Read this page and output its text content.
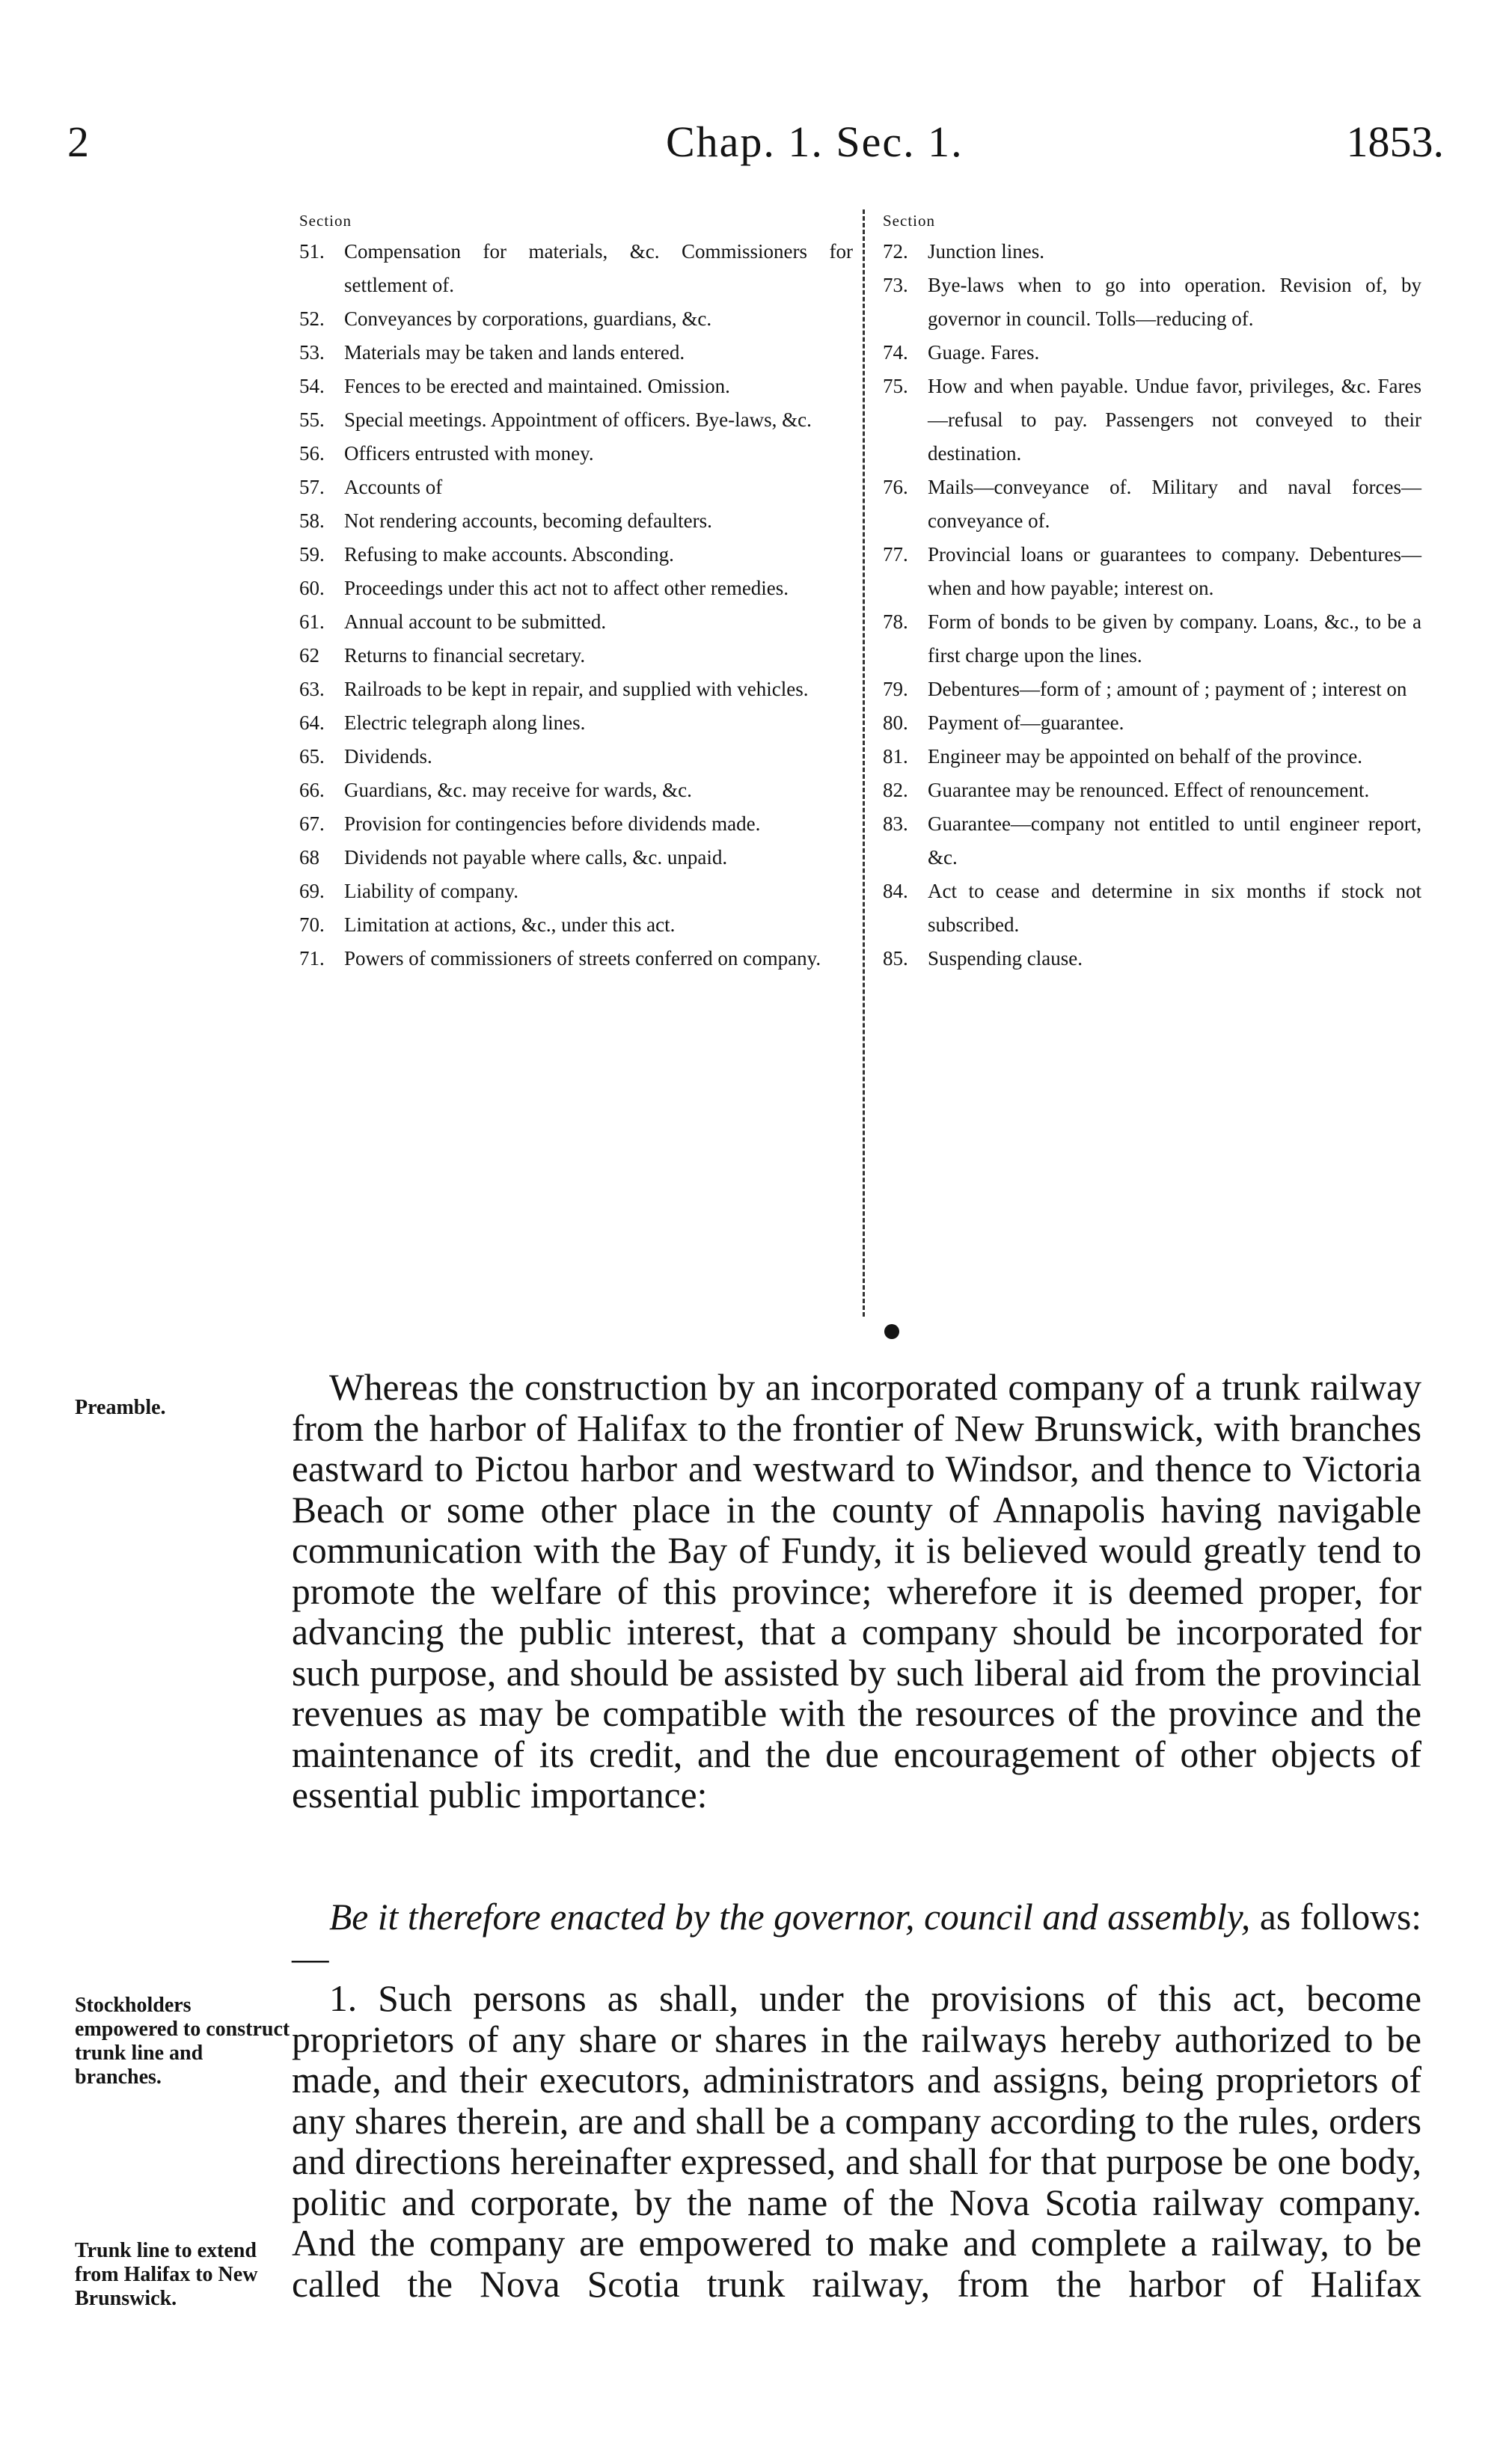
2	Chap. 1. Sec. 1.	1853.
Section
51. Compensation for materials, &c. Commissioners for settlement of.
52. Conveyances by corporations, guardians, &c.
53. Materials may be taken and lands entered.
54. Fences to be erected and maintained. Omission.
55. Special meetings. Appointment of officers. Bye-laws, &c.
56. Officers entrusted with money.
57. Accounts of
58. Not rendering accounts, becoming defaulters.
59. Refusing to make accounts. Absconding.
60. Proceedings under this act not to affect other remedies.
61. Annual account to be submitted.
62	Returns to financial secretary.
63. Railroads to be kept in repair, and supplied with vehicles.
64. Electric telegraph along lines.
65. Dividends.
66. Guardians, &c. may receive for wards, &c.
67. Provision for contingencies before dividends made.
68	Dividends not payable where calls, &c. unpaid.
69. Liability of company.
70. Limitation at actions, &c., under this act.
71. Powers of commissioners of streets conferred on company.
Section
72. Junction lines.
73. Bye-laws when to go into operation. Revision of, by governor in council. Tolls—reducing of.
74. Guage. Fares.
75. How and when payable. Undue favor, privileges, &c. Fares—refusal to pay. Passengers not conveyed to their destination.
76. Mails—conveyance of. Military and naval forces—conveyance of.
77. Provincial loans or guarantees to company. Debentures—when and how payable; interest on.
78. Form of bonds to be given by company. Loans, &c., to be a first charge upon the lines.
79. Debentures—form of ; amount of ; payment of ; interest on
80. Payment of—guarantee.
81. Engineer may be appointed on behalf of the province.
82. Guarantee may be renounced. Effect of renouncement.
83. Guarantee—company not entitled to until engineer report, &c.
84. Act to cease and determine in six months if stock not subscribed.
85. Suspending clause.
Preamble.
Stockholders empowered to construct trunk line and branches.
Trunk line to extend from Halifax to New Brunswick.

Whereas the construction by an incorporated company of a trunk railway from the harbor of Halifax to the frontier of New Brunswick, with branches eastward to Pictou harbor and westward to Windsor, and thence to Victoria Beach or some other place in the county of Annapolis having navigable communication with the Bay of Fundy, it is believed would greatly tend to promote the welfare of this province; wherefore it is deemed proper, for advancing the public interest, that a company should be incorporated for such purpose, and should be assisted by such liberal aid from the provincial revenues as may be compatible with the resources of the province and the maintenance of its credit, and the due encouragement of other objects of essential public importance:

Be it therefore enacted by the governor, council and assembly, as follows:—

1. Such persons as shall, under the provisions of this act, become proprietors of any share or shares in the railways hereby authorized to be made, and their executors, administrators and assigns, being proprietors of any shares therein, are and shall be a company according to the rules, orders and directions hereinafter expressed, and shall for that purpose be one body, politic and corporate, by the name of the Nova Scotia railway company. And the company are empowered to make and complete a railway, to be called the Nova Scotia trunk railway, from the harbor of Halifax
